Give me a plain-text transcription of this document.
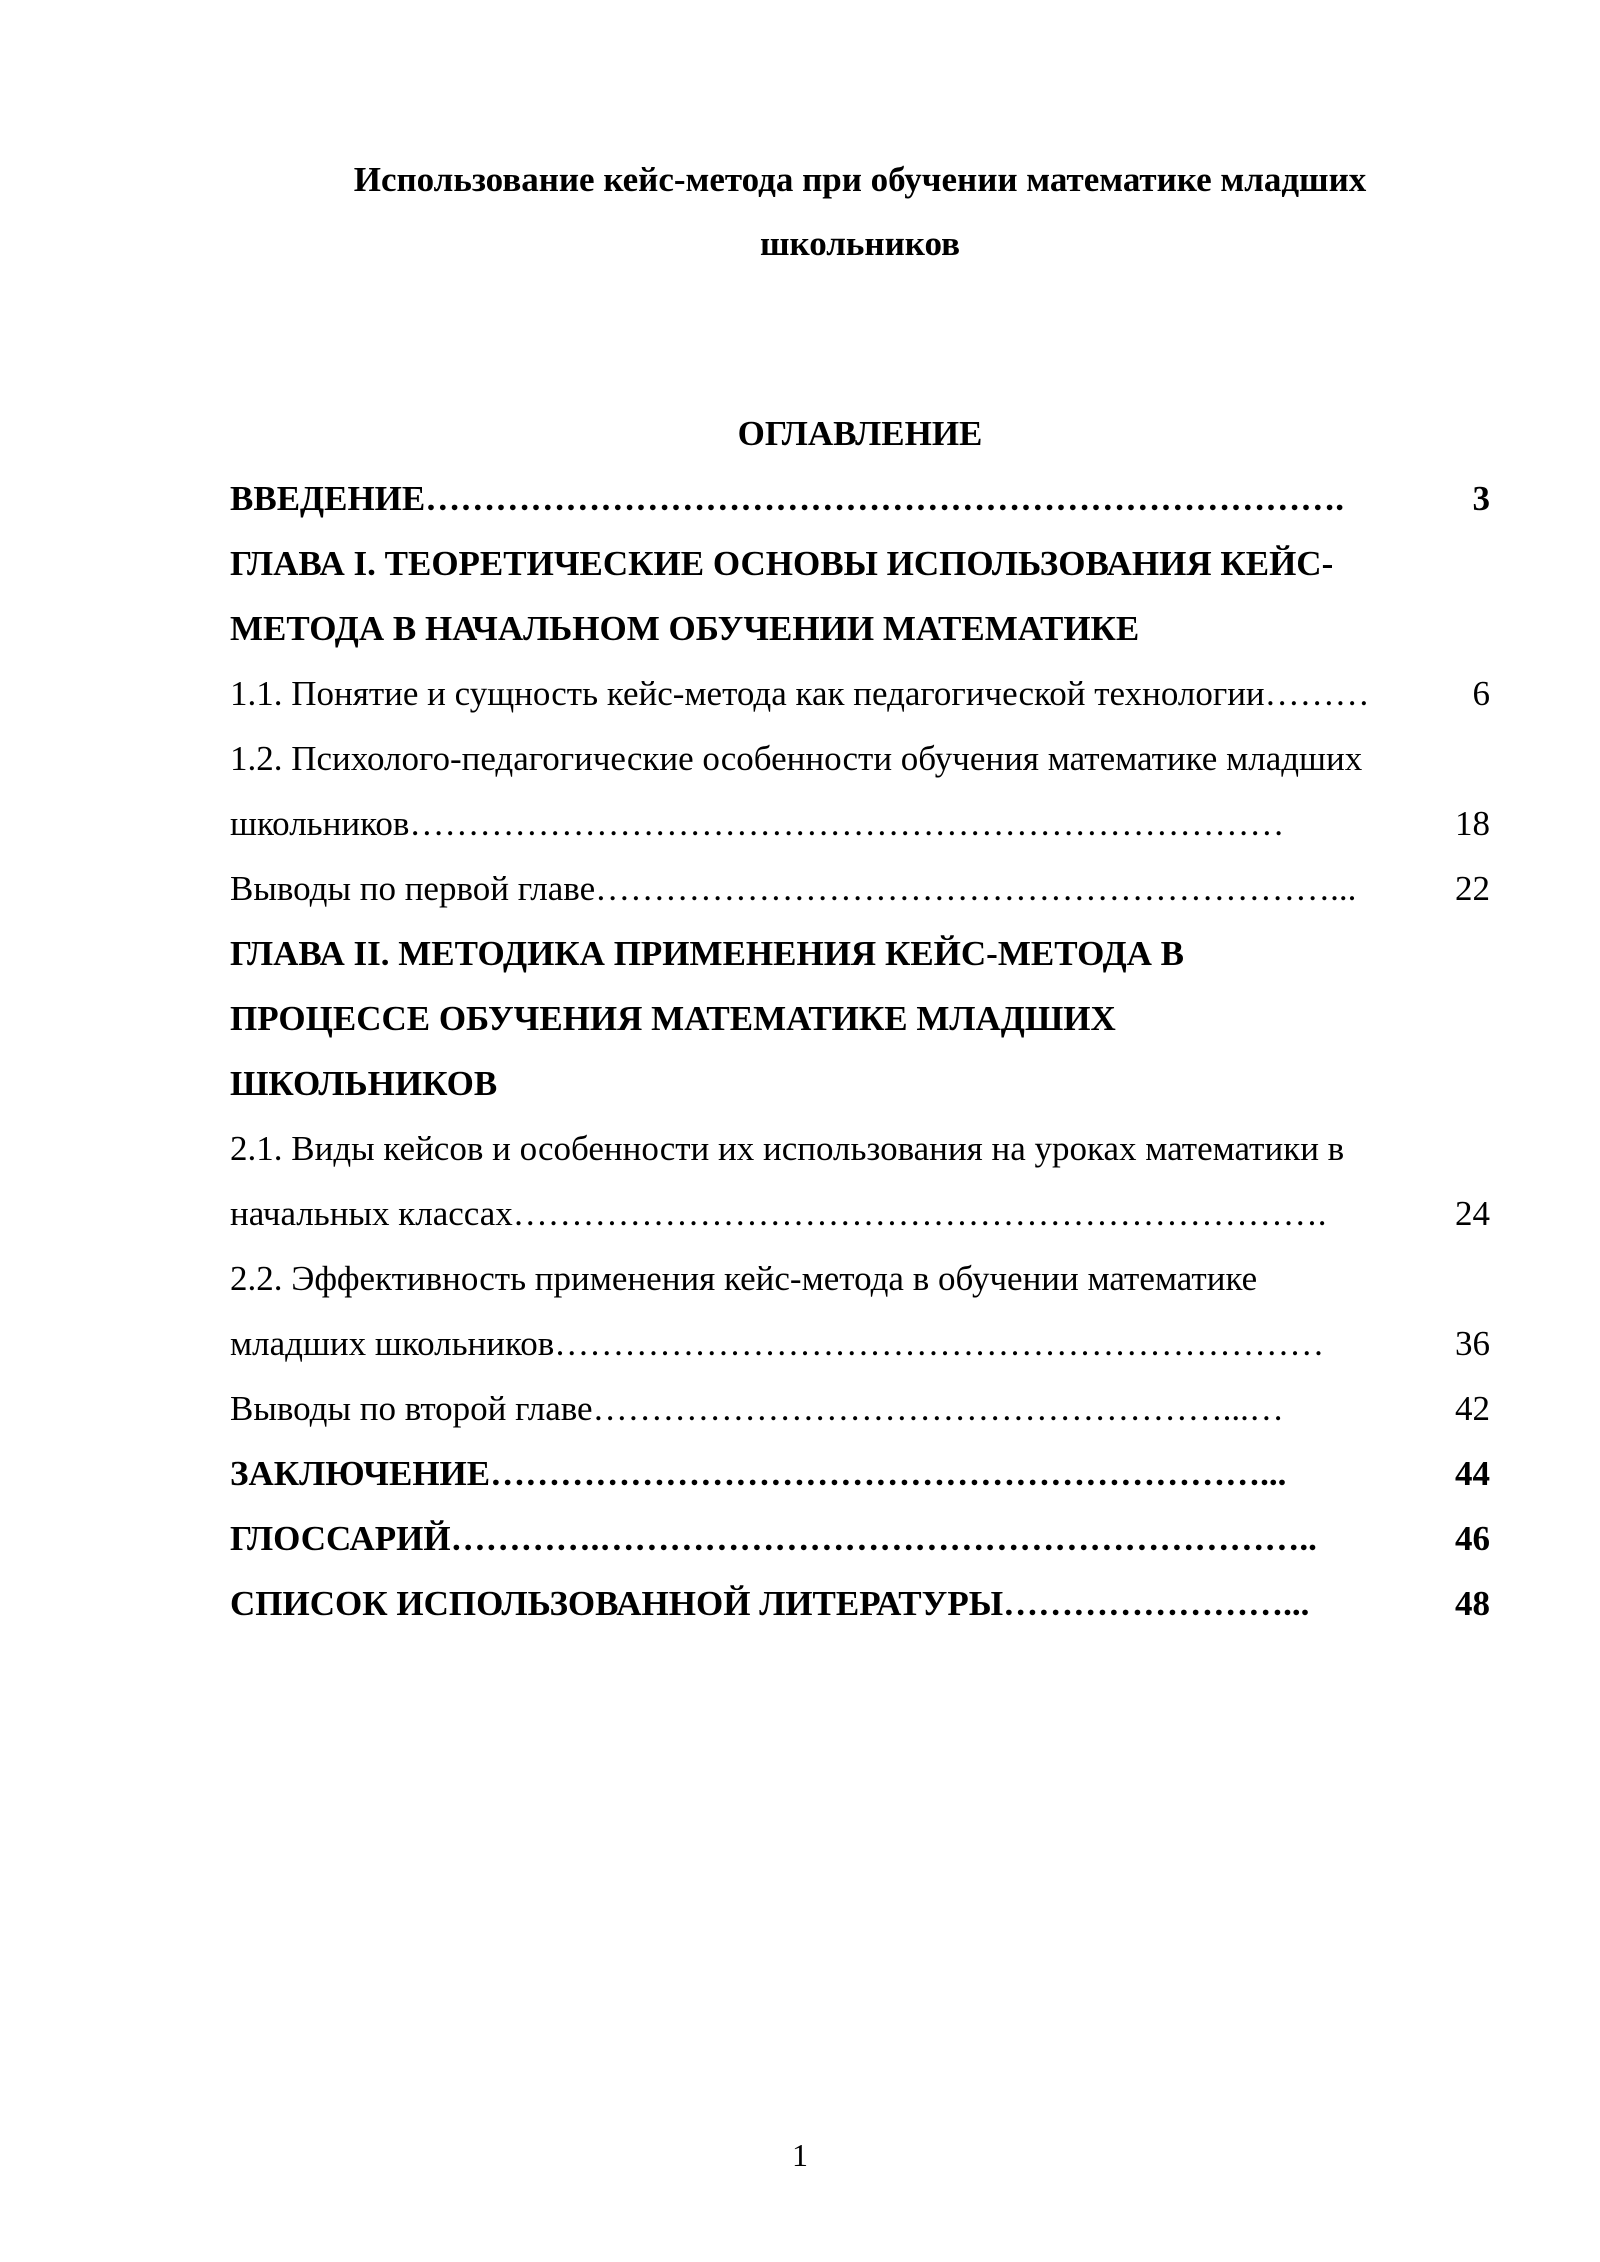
Использование кейс-метода при обучении математике младших
школьников
ОГЛАВЛЕНИЕ
ВВЕДЕНИЕ …………………………………………………………………….	3
ГЛАВА I. ТЕОРЕТИЧЕСКИЕ ОСНОВЫ ИСПОЛЬЗОВАНИЯ КЕЙС-
МЕТОДА В НАЧАЛЬНОМ ОБУЧЕНИИ МАТЕМАТИКЕ
1.1. Понятие и сущность кейс-метода как педагогической технологии ………	6
1.2. Психолого-педагогические особенности обучения математике младших
школьников …………………………………………………………………	18
Выводы по первой главе ………………………………………………………...	22
ГЛАВА II. МЕТОДИКА ПРИМЕНЕНИЯ КЕЙС-МЕТОДА В
ПРОЦЕССЕ ОБУЧЕНИЯ МАТЕМАТИКЕ МЛАДШИХ
ШКОЛЬНИКОВ
2.1. Виды кейсов и особенности их использования на уроках математики в
начальных классах …………………………………………………………….	24
2.2. Эффективность применения кейс-метода в обучении математике
младших школьников …………………………………………………………	36
Выводы по второй главе ………………………………………………...…	42
ЗАКЛЮЧЕНИЕ …………………………………………………………...	44
ГЛОССАРИЙ ………….……………………………………………………..	46
СПИСОК ИСПОЛЬЗОВАННОЙ ЛИТЕРАТУРЫ ……………………...	48
1
